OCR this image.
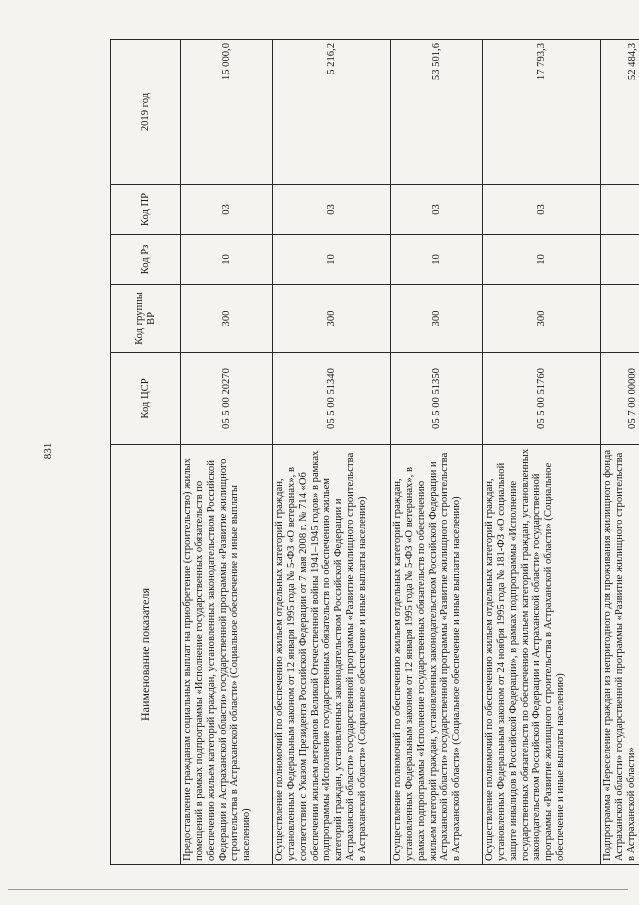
831
Наименование показателя	Код ЦСР	Код группы ВР	Код Рз	Код ПР	2019 год
Предоставление гражданам социальных выплат на приобретение (строительство) жилых помещений в рамках подпрограммы «Исполнение государственных обязательств по обеспечению жильем категорий граждан, установленных законодательством Российской Федерации и Астраханской области» государственной программы «Развитие жилищного строительства в Астраханской области» (Социальное обеспечение и иные выплаты населению)	05 5 00 20270	300	10	03	15 000,0
Осуществление полномочий по обеспечению жильем отдельных категорий граждан, установленных Федеральным законом от 12 января 1995 года № 5-ФЗ «О ветеранах», в соответствии с Указом Президента Российской Федерации от 7 мая 2008 г. № 714 «Об обеспечении жильем ветеранов Великой Отечественной войны 1941–1945 годов» в рамках подпрограммы «Исполнение государственных обязательств по обеспечению жильем категорий граждан, установленных законодательством Российской Федерации и Астраханской области» государственной программы «Развитие жилищного строительства в Астраханской области» (Социальное обеспечение и иные выплаты населению)	05 5 00 51340	300	10	03	5 216,2
Осуществление полномочий по обеспечению жильем отдельных категорий граждан, установленных Федеральным законом от 12 января 1995 года № 5-ФЗ «О ветеранах», в рамках подпрограммы «Исполнение государственных обязательств по обеспечению жильем категорий граждан, установленных законодательством Российской Федерации и Астраханской области» государственной программы «Развитие жилищного строительства в Астраханской области» (Социальное обеспечение и иные выплаты населению)	05 5 00 51350	300	10	03	53 501,6
Осуществление полномочий по обеспечению жильем отдельных категорий граждан, установленных Федеральным законом от 24 ноября 1995 года № 181-ФЗ «О социальной защите инвалидов в Российской Федерации», в рамках подпрограммы «Исполнение государственных обязательств по обеспечению жильем категорий граждан, установленных законодательством Российской Федерации и Астраханской области» государственной программы «Развитие жилищного строительства в Астраханской области» (Социальное обеспечение и иные выплаты населению)	05 5 00 51760	300	10	03	17 793,3
Подпрограмма «Переселение граждан из непригодного для проживания жилищного фонда Астраханской области» государственной программы «Развитие жилищного строительства в Астраханской области»	05 7 00 00000				52 484,3
